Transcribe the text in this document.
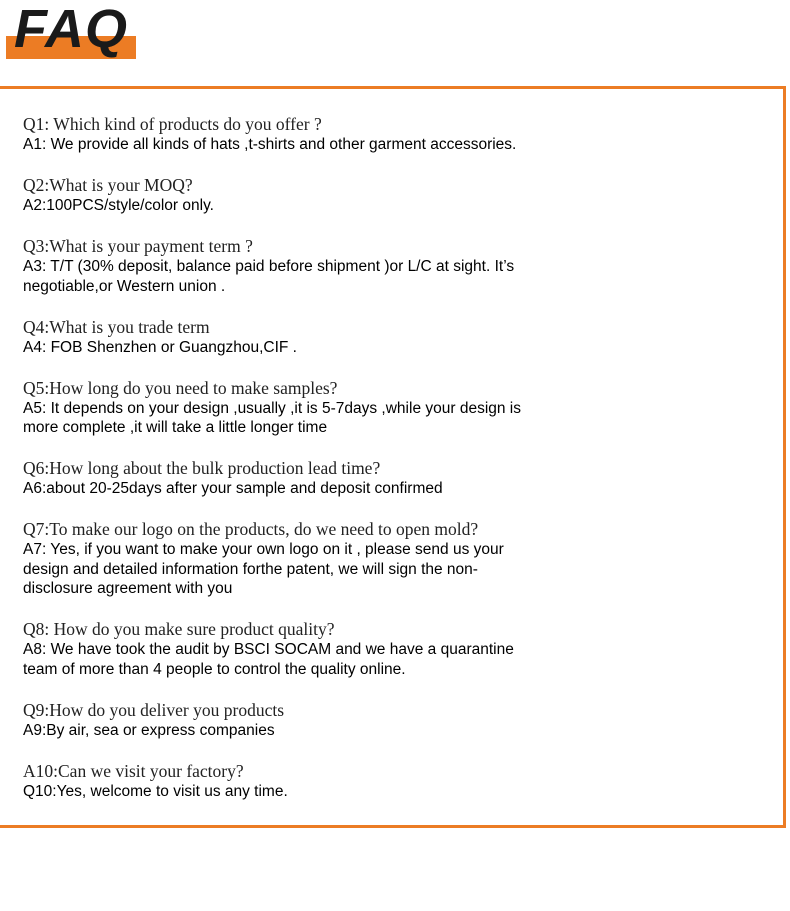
FAQ
Q1: Which kind of products do you offer ?
A1: We provide all kinds of hats ,t-shirts and other garment accessories.
Q2:What is your MOQ?
A2:100PCS/style/color only.
Q3:What is your payment term ?
A3: T/T (30% deposit, balance paid before shipment )or L/C at sight. It’s
negotiable,or Western union .
Q4:What is you trade term
A4: FOB Shenzhen or Guangzhou,CIF .
Q5:How long do you need to make samples?
A5: It depends on your design ,usually ,it is 5-7days ,while your design is
more complete ,it will take a little longer time
Q6:How long about the bulk production lead time?
A6:about 20-25days after your sample and deposit confirmed
Q7:To make our logo on the products, do we need to open mold?
A7: Yes, if you want to make your own logo on it , please send us your
design and detailed information forthe patent, we will sign the non-
disclosure agreement with you
Q8: How do you make sure product quality?
A8: We have took the audit by BSCI SOCAM and we have a quarantine
team of more than 4 people to control the quality online.
Q9:How do you deliver you products
A9:By air, sea or express companies
A10:Can we visit your factory?
Q10:Yes, welcome to visit us any time.
